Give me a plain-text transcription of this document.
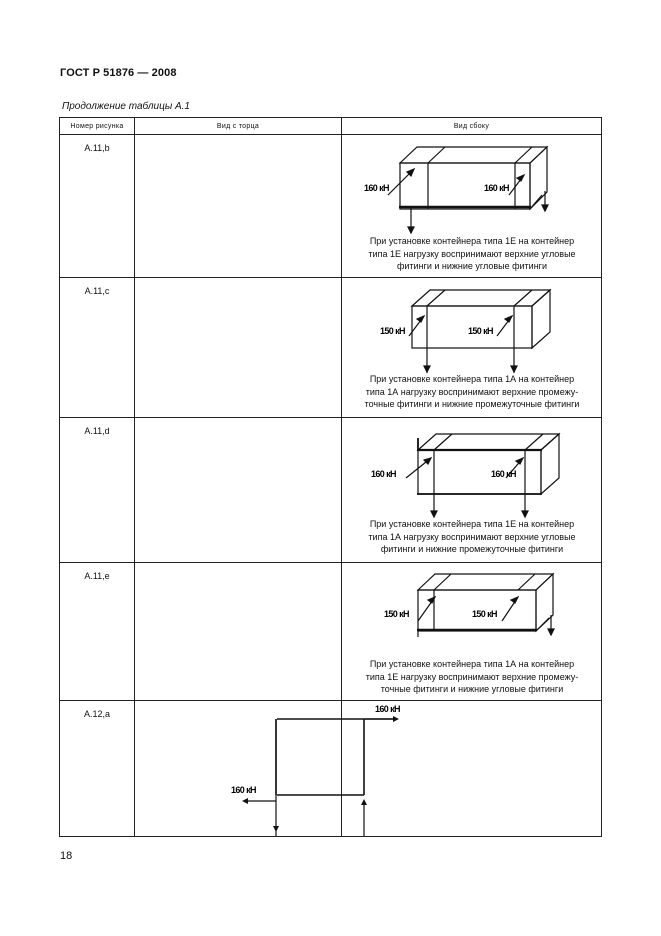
ГОСТ Р 51876 — 2008
Продолжение таблицы А.1
Номер рисунка	Вид с торца	Вид сбоку
А.11,b		160 кН 160 кН
При установке контейнера типа 1Е на контейнер
типа 1Е нагрузку воспринимают верхние угловые
фитинги и нижние угловые фитинги

А.11,c		150 кН 150 кН
При установке контейнера типа 1А на контейнер
типа 1А нагрузку воспринимают верхние промежу-
точные фитинги и нижние промежуточные фитинги

А.11,d		160 кН 160 кН
При установке контейнера типа 1Е на контейнер
типа 1А нагрузку воспринимают верхние угловые
фитинги и нижние промежуточные фитинги

А.11,e		150 кН 150 кН
При установке контейнера типа 1А на контейнер
типа 1Е нагрузку воспринимают верхние промежу-
точные фитинги и нижние угловые фитинги

А.12,a	160 кН
160 кН	

18
